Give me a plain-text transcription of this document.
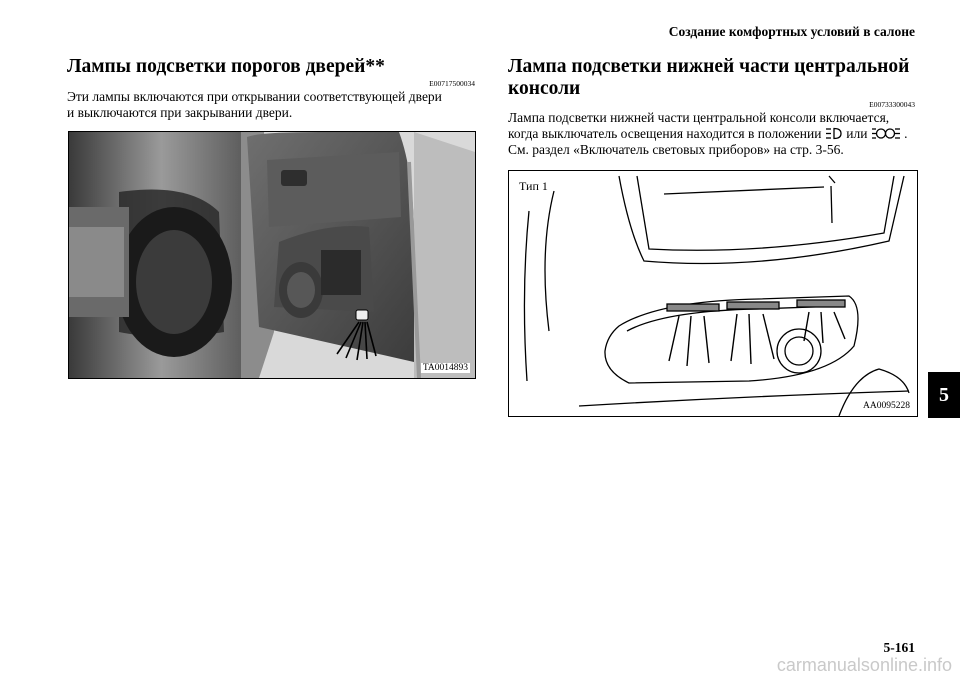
Создание комфортных условий в салоне
Лампы подсветки порогов дверей**
E00717500034
Эти лампы включаются при открывании соответствующей двери
и выключаются при закрывании двери.
TA0014893
Лампа подсветки нижней части центральной
консоли
E00733300043
Лампа подсветки нижней части центральной консоли включается,
когда выключатель освещения находится в положении или	.
См. раздел «Включатель световых приборов» на стр. 3-56.
Тип 1
AA0095228
5
5-161
carmanualsonline.info
